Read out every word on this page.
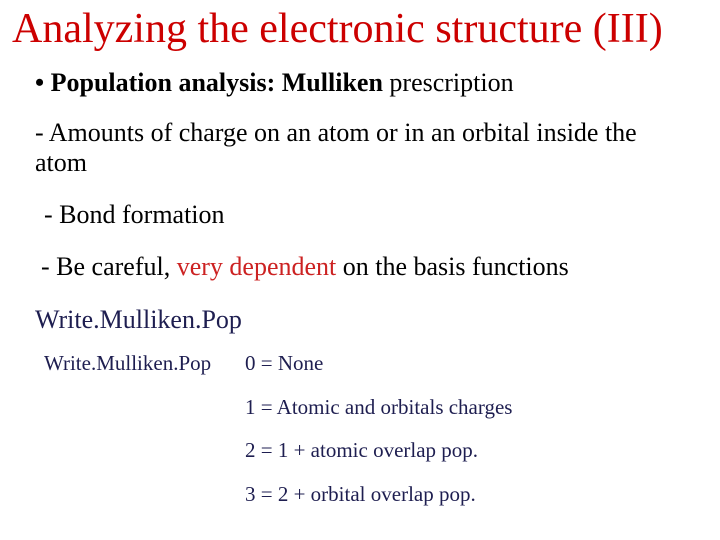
Analyzing the electronic structure (III)
• Population analysis: Mulliken prescription
- Amounts of charge on an atom or in an orbital inside the atom
- Bond formation
- Be careful, very dependent on the basis functions
Write.Mulliken.Pop
Write.Mulliken.Pop 0 = None
1 = Atomic and orbitals charges
2 = 1 + atomic overlap pop.
3 = 2 + orbital overlap pop.
